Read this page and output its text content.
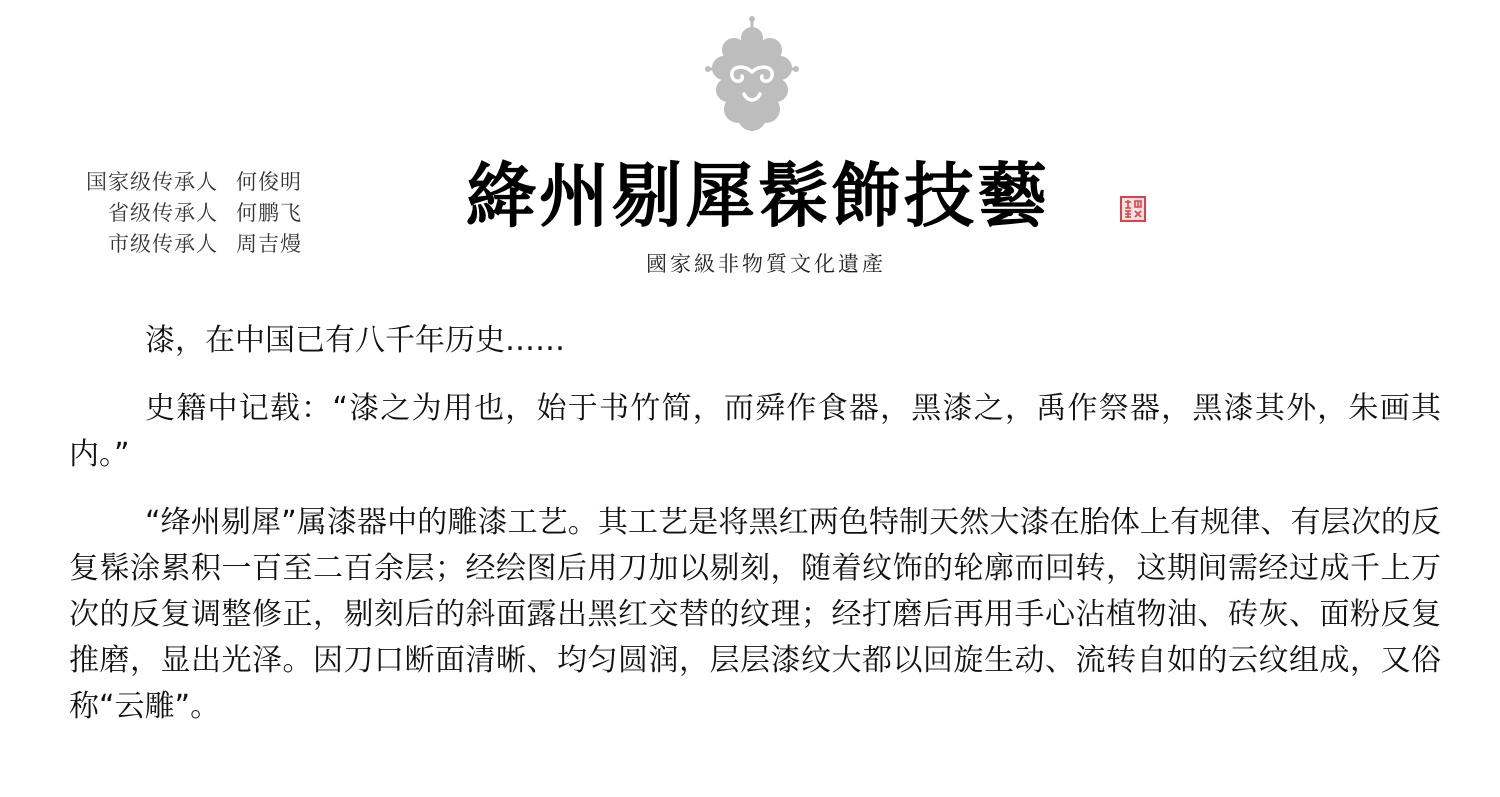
国家级传承人 何俊明
省级传承人 何鹏飞
市级传承人 周吉熳
絳州剔犀髹飾技藝
國家級非物質文化遺產

漆，在中国已有八千年历史……

史籍中记载：“漆之为用也，始于书竹简，而舜作食器，黑漆之，禹作祭器，黑漆其外，朱画其内。”

“绛州剔犀”属漆器中的雕漆工艺。其工艺是将黑红两色特制天然大漆在胎体上有规律、有层次的反复髹涂累积一百至二百余层；经绘图后用刀加以剔刻，随着纹饰的轮廓而回转，这期间需经过成千上万次的反复调整修正，剔刻后的斜面露出黑红交替的纹理；经打磨后再用手心沾植物油、砖灰、面粉反复推磨，显出光泽。因刀口断面清晰、均匀圆润，层层漆纹大都以回旋生动、流转自如的云纹组成，又俗称“云雕”。
